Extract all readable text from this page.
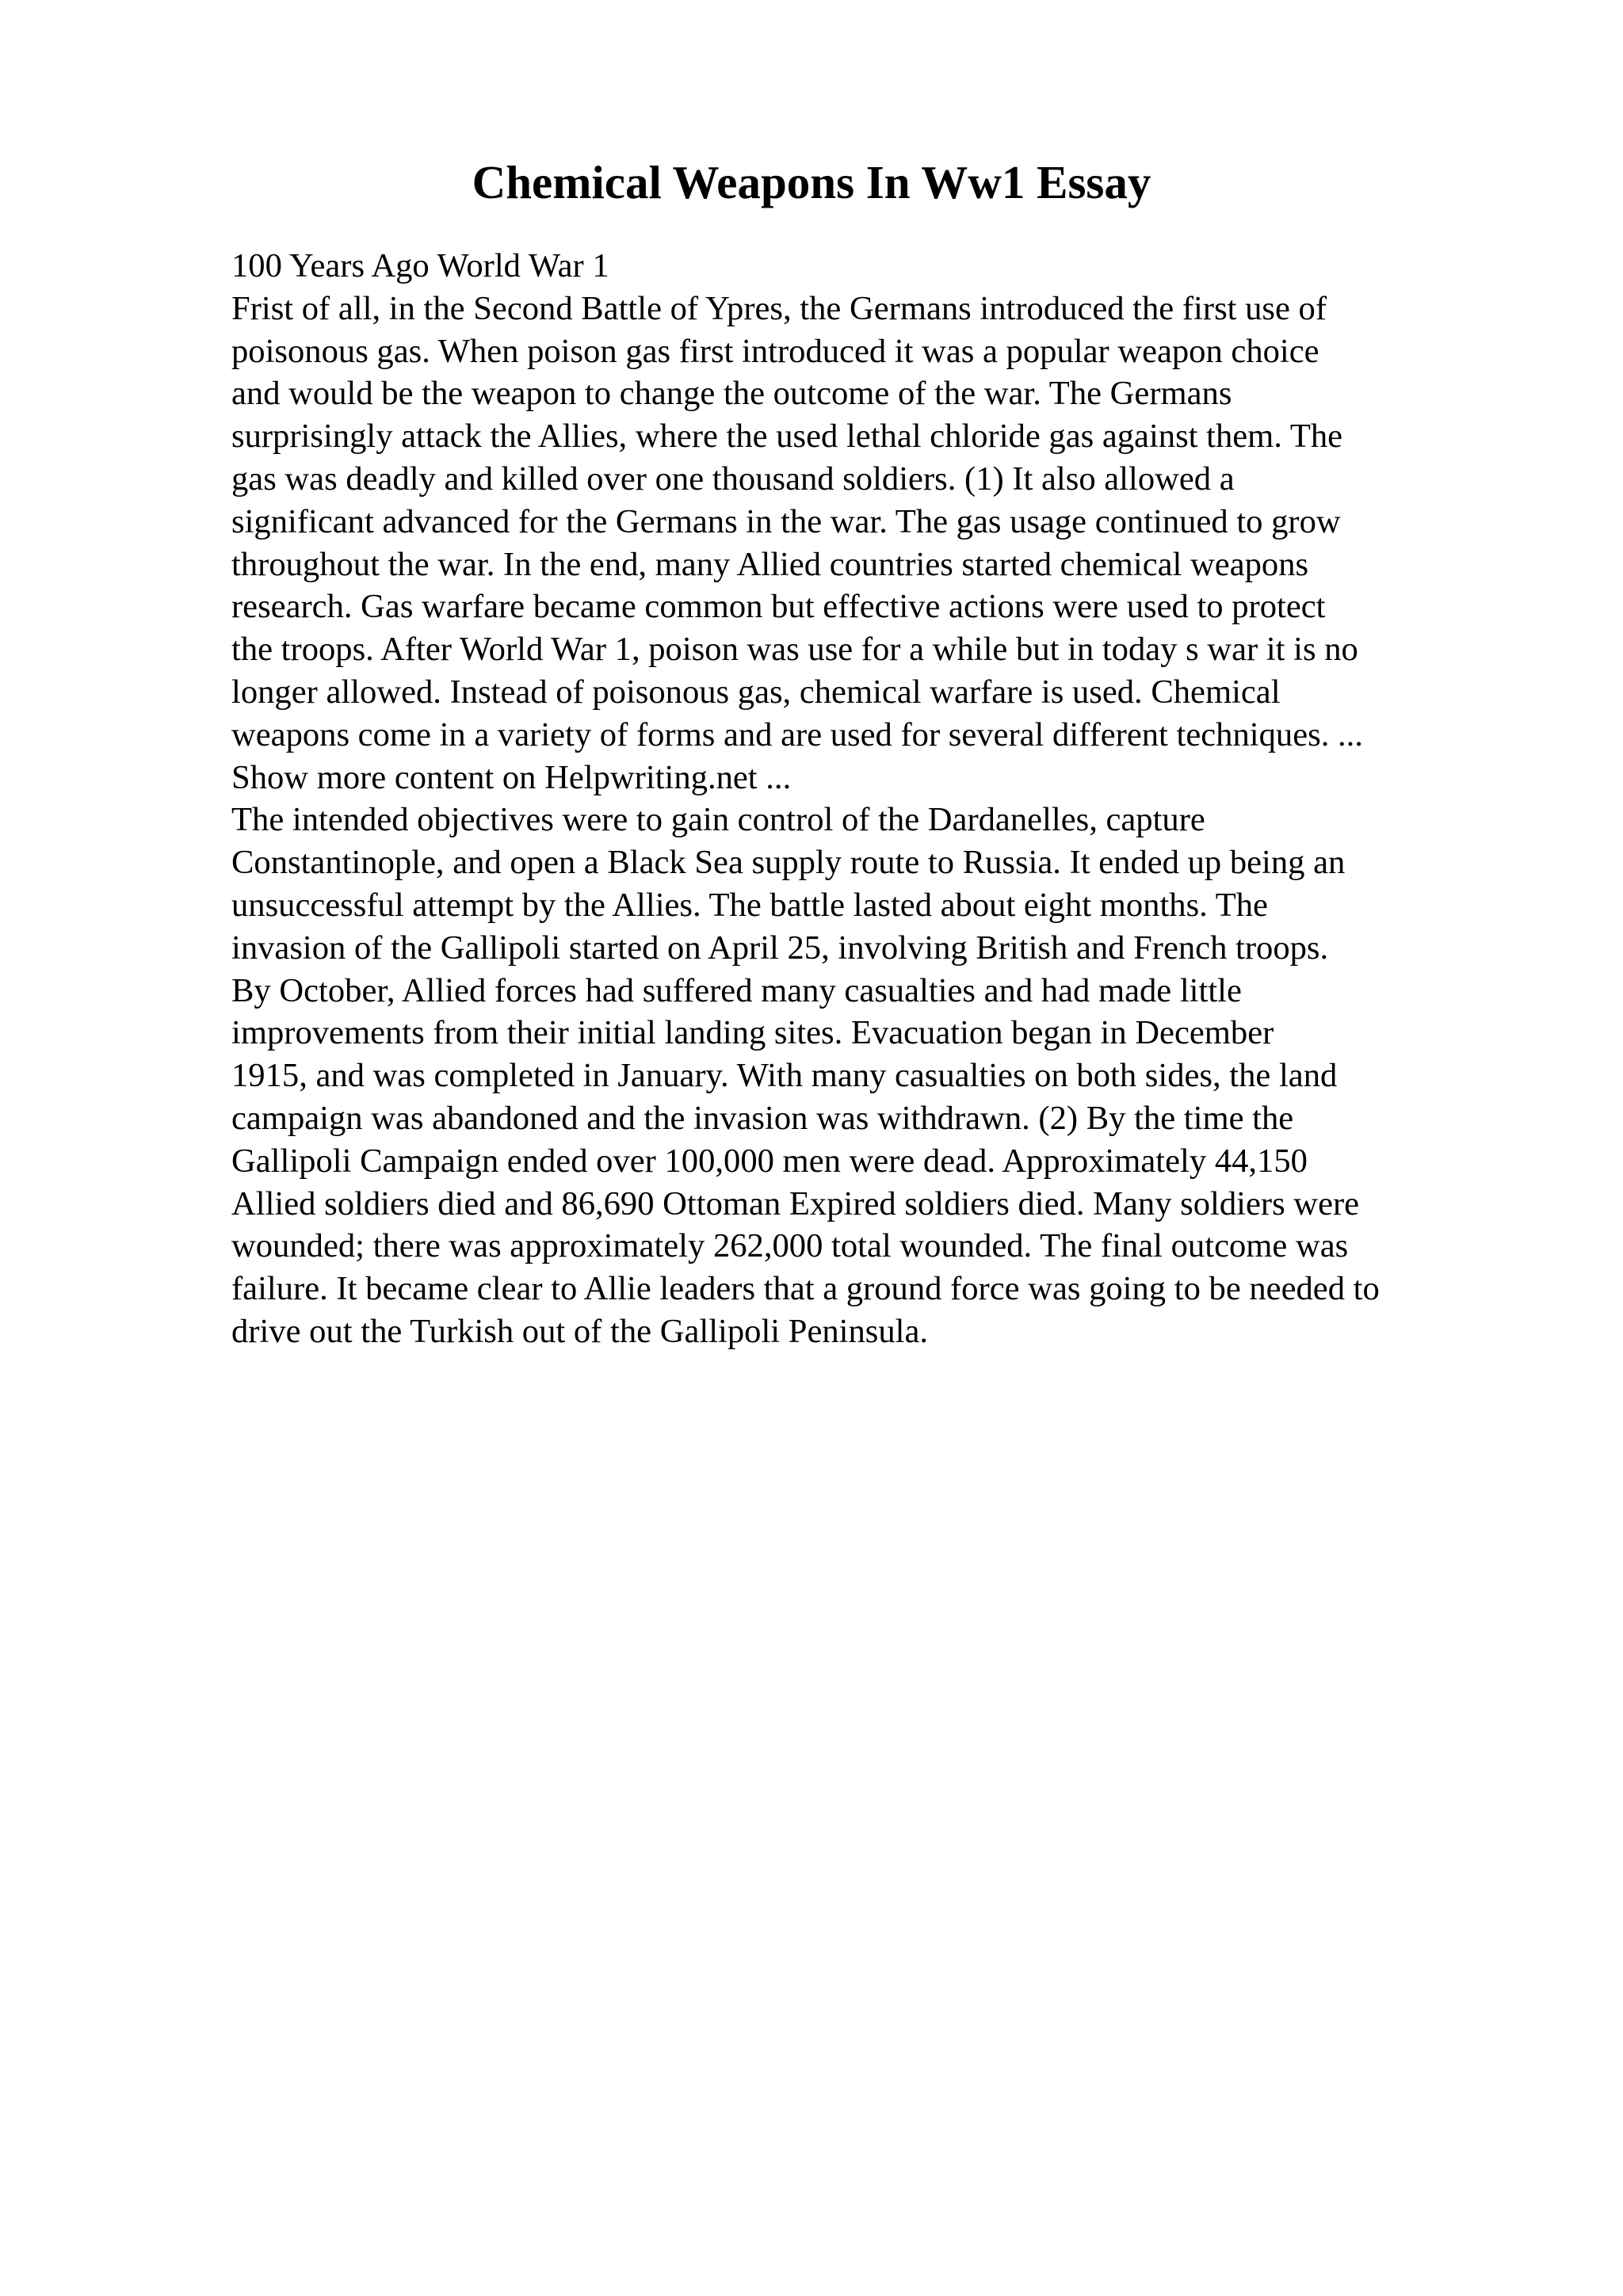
Chemical Weapons In Ww1 Essay
100 Years Ago World War 1
Frist of all, in the Second Battle of Ypres, the Germans introduced the first use of
poisonous gas. When poison gas first introduced it was a popular weapon choice
and would be the weapon to change the outcome of the war. The Germans
surprisingly attack the Allies, where the used lethal chloride gas against them. The
gas was deadly and killed over one thousand soldiers. (1) It also allowed a
significant advanced for the Germans in the war. The gas usage continued to grow
throughout the war. In the end, many Allied countries started chemical weapons
research. Gas warfare became common but effective actions were used to protect
the troops. After World War 1, poison was use for a while but in today s war it is no
longer allowed. Instead of poisonous gas, chemical warfare is used. Chemical
weapons come in a variety of forms and are used for several different techniques. ...
Show more content on Helpwriting.net ...
The intended objectives were to gain control of the Dardanelles, capture
Constantinople, and open a Black Sea supply route to Russia. It ended up being an
unsuccessful attempt by the Allies. The battle lasted about eight months. The
invasion of the Gallipoli started on April 25, involving British and French troops.
By October, Allied forces had suffered many casualties and had made little
improvements from their initial landing sites. Evacuation began in December
1915, and was completed in January. With many casualties on both sides, the land
campaign was abandoned and the invasion was withdrawn. (2) By the time the
Gallipoli Campaign ended over 100,000 men were dead. Approximately 44,150
Allied soldiers died and 86,690 Ottoman Expired soldiers died. Many soldiers were
wounded; there was approximately 262,000 total wounded. The final outcome was
failure. It became clear to Allie leaders that a ground force was going to be needed to
drive out the Turkish out of the Gallipoli Peninsula.
